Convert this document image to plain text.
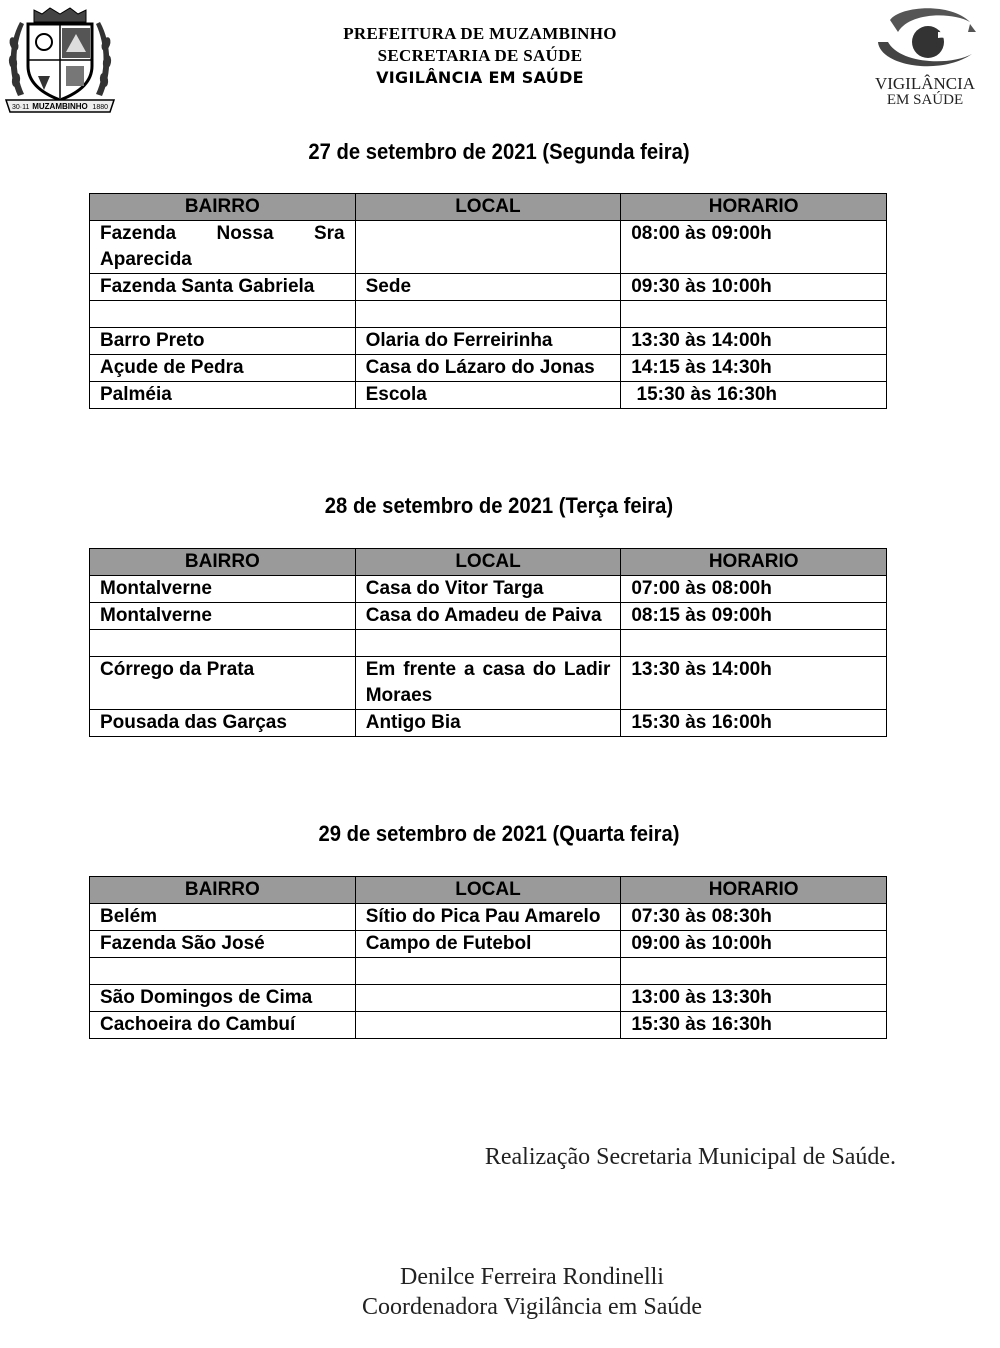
30·11 MUZAMBINHO 1880
PREFEITURA DE MUZAMBINHO
SECRETARIA DE SAÚDE
VIGILÂNCIA EM SAÚDE	VIGILÂNCIA
EM SAÚDE
27 de setembro de 2021 (Segunda feira)
BAIRRO	LOCAL	HORARIO
Fazenda Nossa Sra Aparecida		08:00 às 09:00h
Fazenda Santa Gabriela	Sede	09:30 às 10:00h

Barro Preto	Olaria do Ferreirinha	13:30 às 14:00h
Açude de Pedra	Casa do Lázaro do Jonas	14:15 às 14:30h
Palméia	Escola	15:30 às 16:30h
28 de setembro de 2021 (Terça feira)
BAIRRO	LOCAL	HORARIO
Montalverne	Casa do Vitor Targa	07:00 às 08:00h
Montalverne	Casa do Amadeu de Paiva	08:15 às 09:00h

Córrego da Prata	Em frente a casa do Ladir Moraes	13:30 às 14:00h
Pousada das Garças	Antigo Bia	15:30 às 16:00h
29 de setembro de 2021 (Quarta feira)
BAIRRO	LOCAL	HORARIO
Belém	Sítio do Pica Pau Amarelo	07:30 às 08:30h
Fazenda São José	Campo de Futebol	09:00 às 10:00h

São Domingos de Cima		13:00 às 13:30h
Cachoeira do Cambuí		15:30 às 16:30h
Realização Secretaria Municipal de Saúde.
Denilce Ferreira Rondinelli
Coordenadora Vigilância em Saúde
